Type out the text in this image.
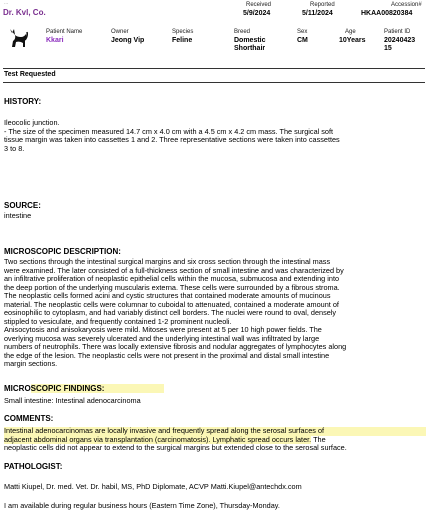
...
Dr. Kvl, Co.
Received
5/9/2024
Reported
5/11/2024
Accession#
HKAA00820384
Patient Name
Kkari
Owner
Jeong Vip
Species
Feline
Breed
Domestic
Shorthair
Sex
CM
Age
10Years
Patient ID
20240423
15
Test Requested
HISTORY:
Ileocolic junction.
- The size of the specimen measured 14.7 cm x 4.0 cm with a 4.5 cm x 4.2 cm mass. The surgical soft
tissue margin was taken into cassettes 1 and 2. Three representative sections were taken into cassettes
3 to 8.
SOURCE:
intestine
MICROSCOPIC DESCRIPTION:
Two sections through the intestinal surgical margins and six cross section through the intestinal mass
were examined. The later consisted of a full-thickness section of small intestine and was characterized by
an infiltrative proliferation of neoplastic epithelial cells within the mucosa, submucosa and extending into
the deep portion of the underlying muscularis externa. These cells were surrounded by a fibrous stroma.
The neoplastic cells formed acini and cystic structures that contained moderate amounts of mucinous
material. The neoplastic cells were columnar to cuboidal to attenuated, contained a moderate amount of
eosinophilic to cytoplasm, and had variably distinct cell borders. The nuclei were round to oval, densely
stippled to vesiculate, and frequently contained 1-2 prominent nucleoli.
Anisocytosis and anisokaryosis were mild. Mitoses were present at 5 per 10 high power fields. The
overlying mucosa was severely ulcerated and the underlying intestinal wall was infiltrated by large
numbers of neutrophils. There was locally extensive fibrosis and nodular aggregates of lymphocytes along
the edge of the lesion. The neoplastic cells were not present in the proximal and distal small intestine
margin sections.
MICROSCOPIC FINDINGS:
Small intestine: Intestinal adenocarcinoma
COMMENTS:
Intestinal adenocarcinomas are locally invasive and frequently spread along the serosal surfaces of
adjacent abdominal organs via transplantation (carcinomatosis). Lymphatic spread occurs later. The
neoplastic cells did not appear to extend to the surgical margins but extended close to the serosal surface.
PATHOLOGIST:
Matti Kiupel, Dr. med. Vet. Dr. habil, MS, PhD Diplomate, ACVP Matti.Kiupel@antechdx.com
I am available during regular business hours (Eastern Time Zone), Thursday-Monday.
